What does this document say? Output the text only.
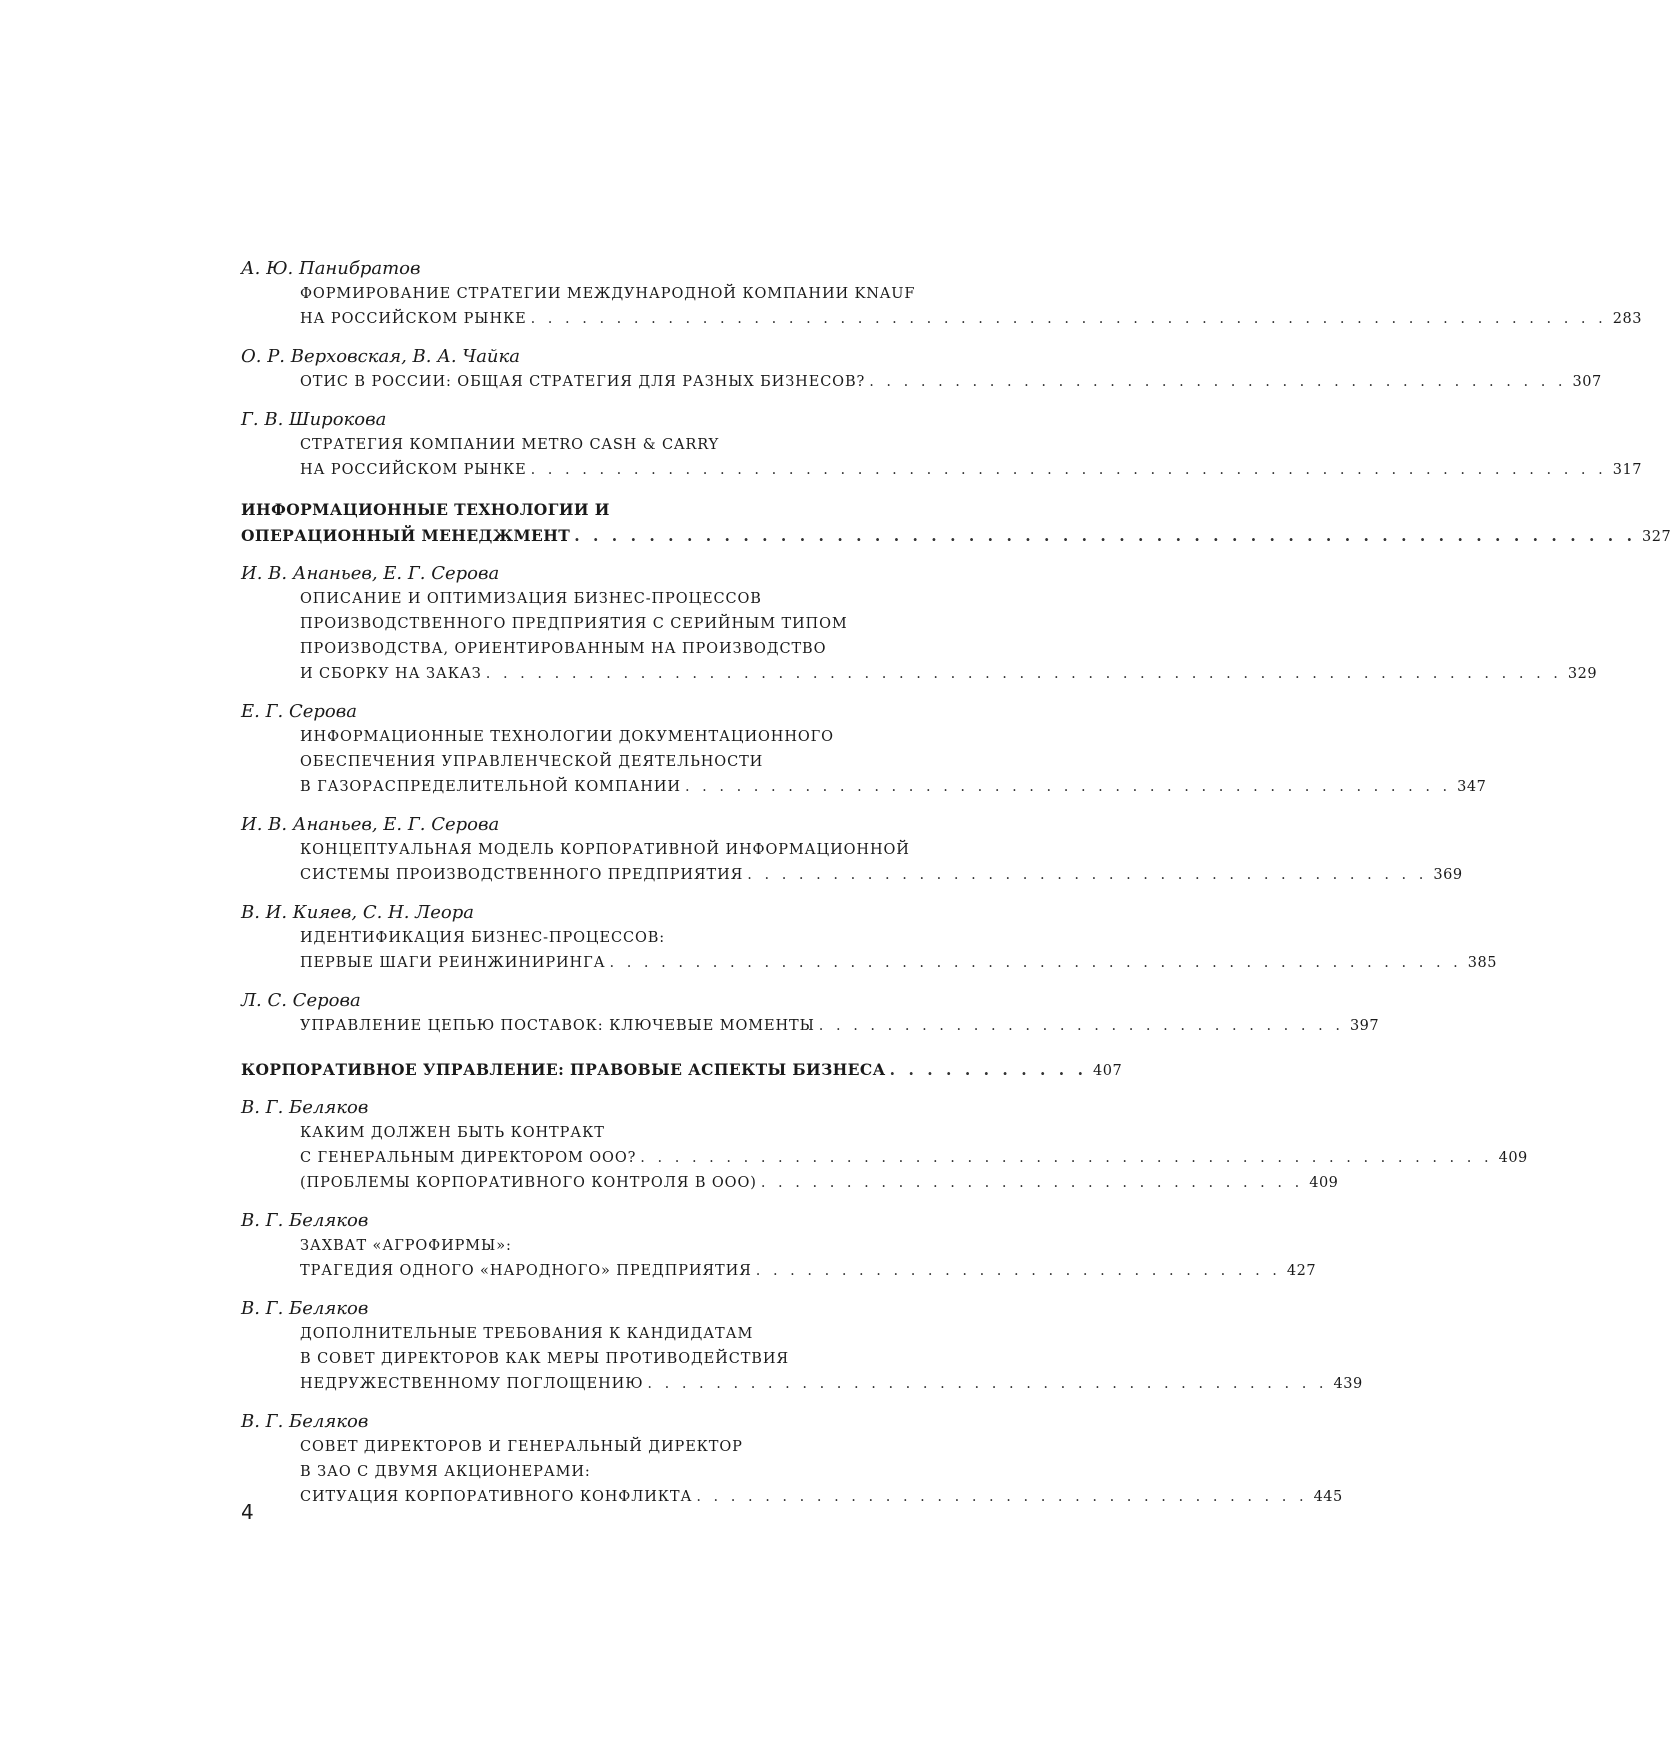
А. Ю. Панибратов
ФОРМИРОВАНИЕ СТРАТЕГИИ МЕЖДУНАРОДНОЙ КОМПАНИИ KNAUF
НА РОССИЙСКОМ РЫНКЕ . . . . . . . . . . . . . . . . . . . . . . . . . . . . . . . . . . . . . . . . . . . . . . . . . . . . . . . . . . . . . . . 283
О. Р. Верховская, В. А. Чайка
ОТИС В РОССИИ: ОБЩАЯ СТРАТЕГИЯ ДЛЯ РАЗНЫХ БИЗНЕСОВ? . . . . . . . . . . . . . . . . . . . . . . . . . . . . . . . . . . . . . . . . . 307
Г. В. Широкова
СТРАТЕГИЯ КОМПАНИИ METRO CASH & CARRY
НА РОССИЙСКОМ РЫНКЕ . . . . . . . . . . . . . . . . . . . . . . . . . . . . . . . . . . . . . . . . . . . . . . . . . . . . . . . . . . . . . . . 317
ИНФОРМАЦИОННЫЕ ТЕХНОЛОГИИ И
ОПЕРАЦИОННЫЙ МЕНЕДЖМЕНТ . . . . . . . . . . . . . . . . . . . . . . . . . . . . . . . . . . . . . . . . . . . . . . . . . . . . . . . . . 327
И. В. Ананьев, Е. Г. Серова
ОПИСАНИЕ И ОПТИМИЗАЦИЯ БИЗНЕС-ПРОЦЕССОВ
ПРОИЗВОДСТВЕННОГО ПРЕДПРИЯТИЯ С СЕРИЙНЫМ ТИПОМ
ПРОИЗВОДСТВА, ОРИЕНТИРОВАННЫМ НА ПРОИЗВОДСТВО
И СБОРКУ НА ЗАКАЗ . . . . . . . . . . . . . . . . . . . . . . . . . . . . . . . . . . . . . . . . . . . . . . . . . . . . . . . . . . . . . . . 329
Е. Г. Серова
ИНФОРМАЦИОННЫЕ ТЕХНОЛОГИИ ДОКУМЕНТАЦИОННОГО
ОБЕСПЕЧЕНИЯ УПРАВЛЕНЧЕСКОЙ ДЕЯТЕЛЬНОСТИ
В ГАЗОРАСПРЕДЕЛИТЕЛЬНОЙ КОМПАНИИ . . . . . . . . . . . . . . . . . . . . . . . . . . . . . . . . . . . . . . . . . . . . . 347
И. В. Ананьев, Е. Г. Серова
КОНЦЕПТУАЛЬНАЯ МОДЕЛЬ КОРПОРАТИВНОЙ ИНФОРМАЦИОННОЙ
СИСТЕМЫ ПРОИЗВОДСТВЕННОГО ПРЕДПРИЯТИЯ . . . . . . . . . . . . . . . . . . . . . . . . . . . . . . . . . . . . . . . . 369
В. И. Кияев, С. Н. Леора
ИДЕНТИФИКАЦИЯ БИЗНЕС-ПРОЦЕССОВ:
ПЕРВЫЕ ШАГИ РЕИНЖИНИРИНГА . . . . . . . . . . . . . . . . . . . . . . . . . . . . . . . . . . . . . . . . . . . . . . . . . . 385
Л. С. Серова
УПРАВЛЕНИЕ ЦЕПЬЮ ПОСТАВОК: КЛЮЧЕВЫЕ МОМЕНТЫ . . . . . . . . . . . . . . . . . . . . . . . . . . . . . . . 397
КОРПОРАТИВНОЕ УПРАВЛЕНИЕ: ПРАВОВЫЕ АСПЕКТЫ БИЗНЕСА . . . . . . . . . . . 407
В. Г. Беляков
КАКИМ ДОЛЖЕН БЫТЬ КОНТРАКТ
С ГЕНЕРАЛЬНЫМ ДИРЕКТОРОМ ООО? . . . . . . . . . . . . . . . . . . . . . . . . . . . . . . . . . . . . . . . . . . . . . . . . . . 409
(ПРОБЛЕМЫ КОРПОРАТИВНОГО КОНТРОЛЯ В ООО) . . . . . . . . . . . . . . . . . . . . . . . . . . . . . . . . 409
В. Г. Беляков
ЗАХВАТ «АГРОФИРМЫ»:
ТРАГЕДИЯ ОДНОГО «НАРОДНОГО» ПРЕДПРИЯТИЯ . . . . . . . . . . . . . . . . . . . . . . . . . . . . . . . 427
В. Г. Беляков
ДОПОЛНИТЕЛЬНЫЕ ТРЕБОВАНИЯ К КАНДИДАТАМ
В СОВЕТ ДИРЕКТОРОВ КАК МЕРЫ ПРОТИВОДЕЙСТВИЯ
НЕДРУЖЕСТВЕННОМУ ПОГЛОЩЕНИЮ . . . . . . . . . . . . . . . . . . . . . . . . . . . . . . . . . . . . . . . . 439
В. Г. Беляков
СОВЕТ ДИРЕКТОРОВ И ГЕНЕРАЛЬНЫЙ ДИРЕКТОР
В ЗАО С ДВУМЯ АКЦИОНЕРАМИ:
СИТУАЦИЯ КОРПОРАТИВНОГО КОНФЛИКТА . . . . . . . . . . . . . . . . . . . . . . . . . . . . . . . . . . . . 445
4
